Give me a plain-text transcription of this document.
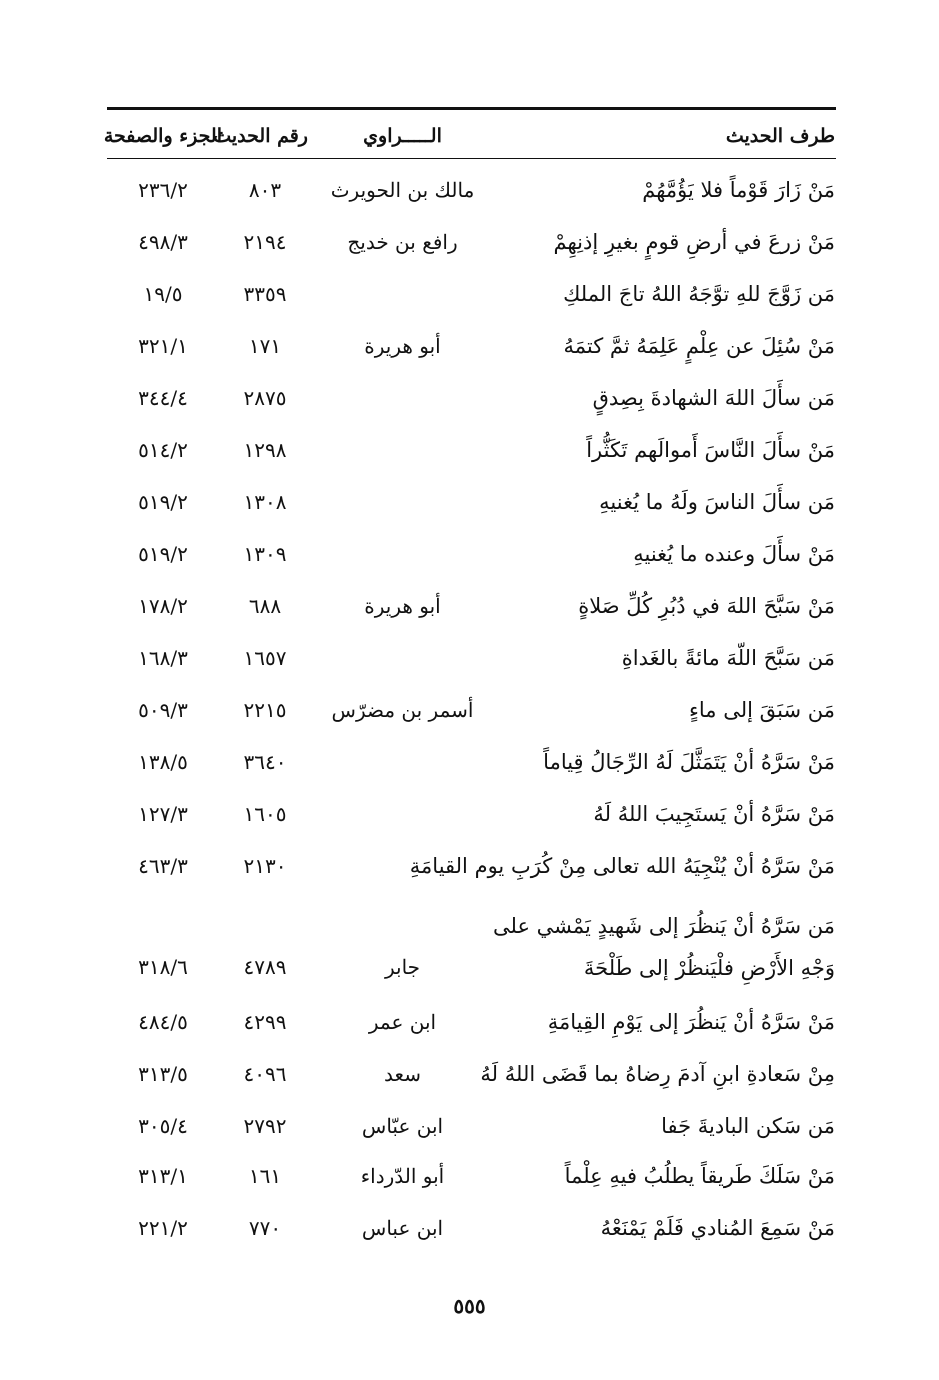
طرف الحديث
الـــــراوي
رقم الحديث
الجزء والصفحة
مَنْ زَارَ قَوْماً فلا يَؤُمَّهُمْ
مالك بن الحويرث
٨٠٣
٢٣٦/٢
مَنْ زرعَ في أرضِ قومٍ بغيرِ إذنِهِمْ
رافع بن خديج
٢١٩٤
٤٩٨/٣
مَن زَوَّجَ للهِ توَّجَهُ اللهُ تاجَ الملكِ
٣٣٥٩
١٩/٥
مَنْ سُئِلَ عن عِلْمٍ عَلِمَهُ ثمَّ كتمَهُ
أبو هريرة
١٧١
٣٢١/١
مَن سأَلَ اللهَ الشهادةَ بِصِدقٍ
٢٨٧٥
٣٤٤/٤
مَنْ سأَلَ النَّاسَ أَموالَهم تَكَثُّراً
١٢٩٨
٥١٤/٢
مَن سأَلَ الناسَ ولَهُ ما يُغنيهِ
١٣٠٨
٥١٩/٢
مَنْ سأَلَ وعنده ما يُغنيهِ
١٣٠٩
٥١٩/٢
مَنْ سَبَّحَ اللهَ في دُبُرِ كُلِّ صَلاةٍ
أبو هريرة
٦٨٨
١٧٨/٢
مَن سَبَّحَ اللّهَ مائةً بالغَداةِ
١٦٥٧
١٦٨/٣
مَن سَبَقَ إلى ماءٍ
أسمر بن مضرّس
٢٢١٥
٥٠٩/٣
مَنْ سَرَّهُ أنْ يَتَمَثَّلَ لَهُ الرِّجَالُ قِياماً
٣٦٤٠
١٣٨/٥
مَنْ سَرَّهُ أنْ يَستَجِيبَ اللهُ لَهُ
١٦٠٥
١٢٧/٣
مَنْ سَرَّهُ أنْ يُنْجِيَهُ الله تعالى مِنْ كُرَبِ يوم القيامَةِ
٢١٣٠
٤٦٣/٣
مَن سَرَّهُ أنْ يَنظُرَ إلى شَهيدٍ يَمْشي على وَجْهِ الأَرْضِ فلْيَنظُرْ إلى طَلْحَةَ
جابر
٤٧٨٩
٣١٨/٦
مَنْ سَرَّهُ أنْ يَنظُرَ إلى يَوْمِ القِيامَةِ
ابن عمر
٤٢٩٩
٤٨٤/٥
مِنْ سَعادةِ ابنِ آدمَ رِضاهُ بما قَضَى اللهُ لَهُ
سعد
٤٠٩٦
٣١٣/٥
مَن سَكن الباديةَ جَفا
ابن عبّاس
٢٧٩٢
٣٠٥/٤
مَنْ سَلَكَ طَريقاً يطلُبُ فيهِ عِلْماً
أبو الدّرداء
١٦١
٣١٣/١
مَنْ سَمِعَ المُنادي فَلَمْ يَمْنَعْهُ
ابن عباس
٧٧٠
٢٢١/٢
٥٥٥
